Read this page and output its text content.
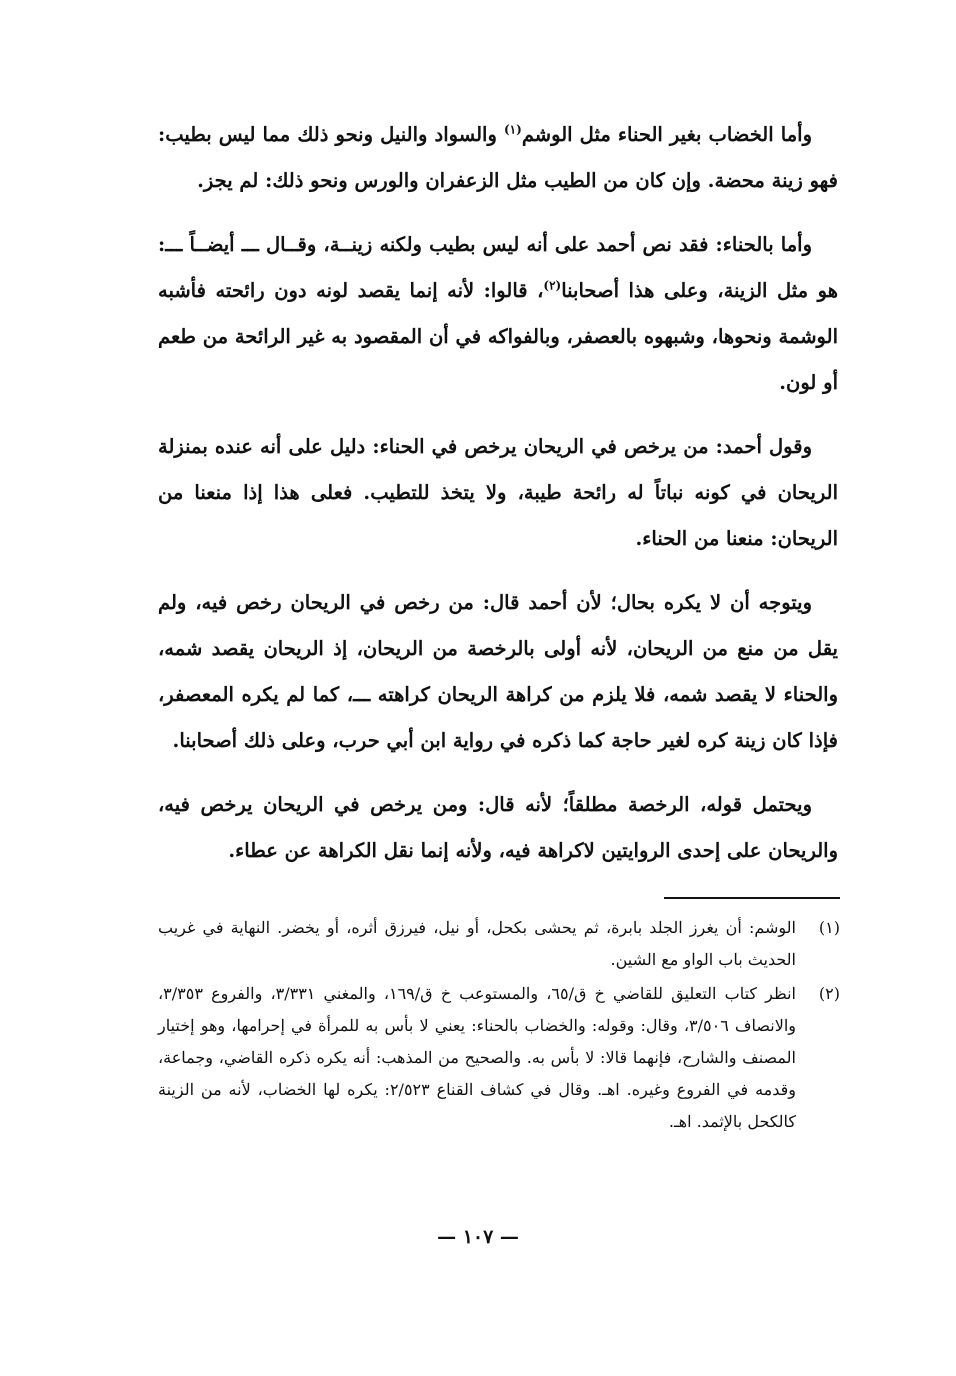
وأما الخضاب بغير الحناء مثل الوشم$^{(١)}$ والسواد والنيل ونحو ذلك مما ليس بطيب: فهو زينة محضة. وإن كان من الطيب مثل الزعفران والورس ونحو ذلك: لم يجز.

وأما بالحناء: فقد نص أحمد على أنه ليس بطيب ولكنه زينــة، وقــال ـــ أيضــاً ـــ: هو مثل الزينة، وعلى هذا أصحابنا$^{(٢)}$، قالوا: لأنه إنما يقصد لونه دون رائحته فأشبه الوشمة ونحوها، وشبهوه بالعصفر، وبالفواكه في أن المقصود به غير الرائحة من طعم أو لون.

وقول أحمد: من يرخص في الريحان يرخص في الحناء: دليل على أنه عنده بمنزلة الريحان في كونه نباتاً له رائحة طيبة، ولا يتخذ للتطيب. فعلى هذا إذا منعنا من الريحان: منعنا من الحناء.

ويتوجه أن لا يكره بحال؛ لأن أحمد قال: من رخص في الريحان رخص فيه، ولم يقل من منع من الريحان، لأنه أولى بالرخصة من الريحان، إذ الريحان يقصد شمه، والحناء لا يقصد شمه، فلا يلزم من كراهة الريحان كراهته ـــ، كما لم يكره المعصفر، فإذا كان زينة كره لغير حاجة كما ذكره في رواية ابن أبي حرب، وعلى ذلك أصحابنا.

ويحتمل قوله، الرخصة مطلقاً؛ لأنه قال: ومن يرخص في الريحان يرخص فيه، والريحان على إحدى الروايتين لاكراهة فيه، ولأنه إنما نقل الكراهة عن عطاء.

(١)
الوشم: أن يغرز الجلد بابرة، ثم يحشى بكحل، أو نيل، فيرزق أثره، أو يخضر. النهاية في غريب الحديث باب الواو مع الشين.
(٢)
انظر كتاب التعليق للقاضي خ ق/٦٥، والمستوعب خ ق/١٦٩، والمغني ٣/٣٣١، والفروع ٣/٣٥٣، والانصاف ٣/٥٠٦، وقال: وقوله: والخضاب بالحناء: يعني لا بأس به للمرأة في إحرامها، وهو إختيار المصنف والشارح، فإنهما قالا: لا بأس به. والصحيح من المذهب: أنه يكره ذكره القاضي، وجماعة، وقدمه في الفروع وغيره. اهـ. وقال في كشاف القناع ٢/٥٢٣: يكره لها الخضاب، لأنه من الزينة كالكحل بالإثمد. اهـ.
— ١٠٧ —
